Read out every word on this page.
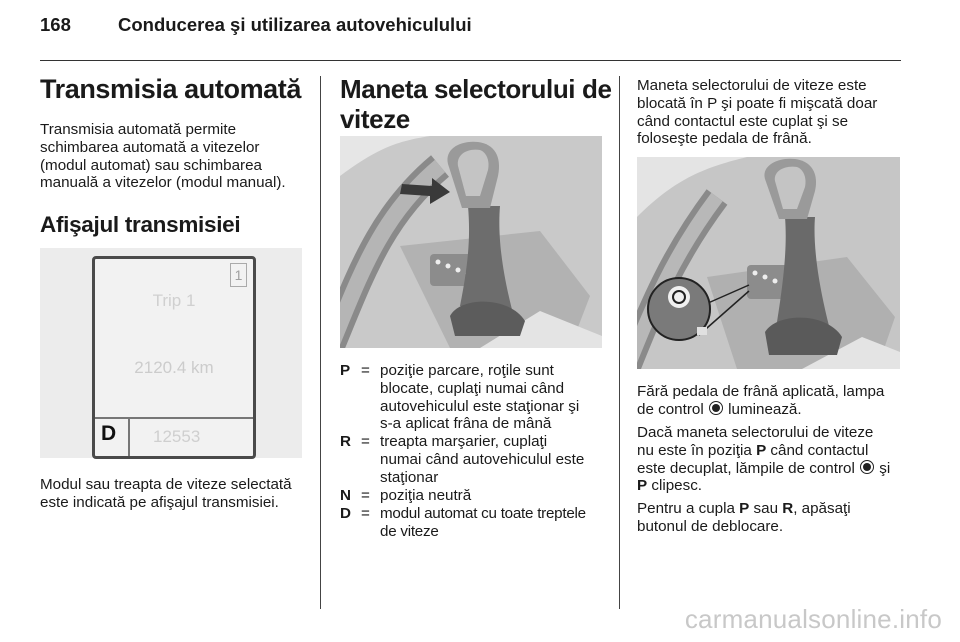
168	Conducerea şi utilizarea autovehiculului
Transmisia automată
Transmisia automată permite
schimbarea automată a vitezelor
(modul automat) sau schimbarea
manuală a vitezelor (modul manual).
Afişajul transmisiei
1
Trip 1
2120.4 km
D 12553
Modul sau treapta de viteze selectată
este indicată pe afişajul transmisiei.
Maneta selectorului de
viteze
P = poziţie parcare, roţile sunt
blocate, cuplaţi numai când
autovehiculul este staţionar şi
s-a aplicat frâna de mână
R = treapta marşarier, cuplaţi
numai când autovehiculul este
staţionar
N = poziţia neutră
D = modul automat cu toate treptele
de viteze
Maneta selectorului de viteze este
blocată în P şi poate fi mişcată doar
când contactul este cuplat şi se
foloseşte pedala de frână.
Fără pedala de frână aplicată, lampa
de control  luminează.
Dacă maneta selectorului de viteze
nu este în poziţia P când contactul
este decuplat, lămpile de control  şi
P clipesc.
Pentru a cupla P sau R, apăsaţi
butonul de deblocare.
carmanualsonline.info
